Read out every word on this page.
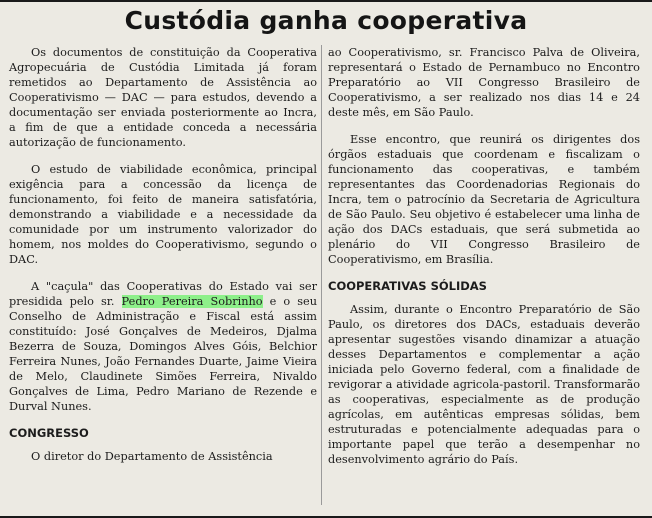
Custódia ganha cooperativa

Os documentos de constituição da Cooperativa Agropecuária de Custódia Limitada já foram remetidos ao Departamento de Assistência ao Cooperativismo — DAC — para estudos, devendo a documentação ser enviada posteriormente ao Incra, a fim de que a entidade conceda a necessária autorização de funcionamento.

O estudo de viabilidade econômica, principal exigência para a concessão da licença de funcionamento, foi feito de maneira satisfatória, demonstrando a viabilidade e a necessidade da comunidade por um instrumento valorizador do homem, nos moldes do Cooperativismo, segundo o DAC.

A "caçula" das Cooperativas do Estado vai ser presidida pelo sr. Pedro Pereira Sobrinho e o seu Conselho de Administração e Fiscal está assim constituído: José Gonçalves de Medeiros, Djalma Bezerra de Souza, Domingos Alves Góis, Belchior Ferreira Nunes, João Fernandes Duarte, Jaime Vieira de Melo, Claudinete Simões Ferreira, Nivaldo Gonçalves de Lima, Pedro Mariano de Rezende e Durval Nunes.

CONGRESSO

O diretor do Departamento de Assistência

ao Cooperativismo, sr. Francisco Palva de Oliveira, representará o Estado de Pernambuco no Encontro Preparatório ao VII Congresso Brasileiro de Cooperativismo, a ser realizado nos dias 14 e 24 deste mês, em São Paulo.

Esse encontro, que reunirá os dirigentes dos órgãos estaduais que coordenam e fiscalizam o funcionamento das cooperativas, e também representantes das Coordenadorias Regionais do Incra, tem o patrocínio da Secretaria de Agricultura de São Paulo. Seu objetivo é estabelecer uma linha de ação dos DACs estaduais, que será submetida ao plenário do VII Congresso Brasileiro de Cooperativismo, em Brasília.

COOPERATIVAS SÓLIDAS

Assim, durante o Encontro Preparatório de São Paulo, os diretores dos DACs, estaduais deverão apresentar sugestões visando dinamizar a atuação desses Departamentos e complementar a ação iniciada pelo Governo federal, com a finalidade de revigorar a atividade agricola-pastoril. Transformarão as cooperativas, especialmente as de produção agrícolas, em autênticas empresas sólidas, bem estruturadas e potencialmente adequadas para o importante papel que terão a desempenhar no desenvolvimento agrário do País.
